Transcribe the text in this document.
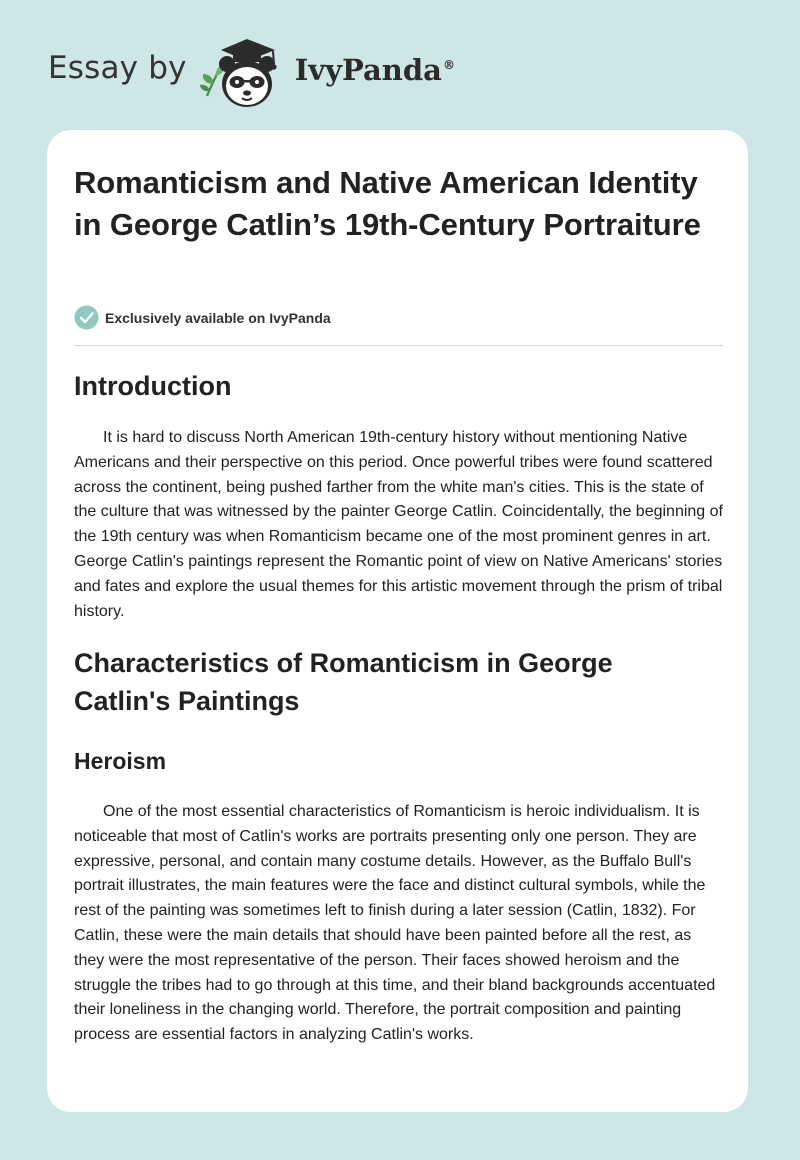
Essay by	IvyPanda®
Romanticism and Native American Identity in George Catlin’s 19th-Century Portraiture
Exclusively available on IvyPanda
Introduction

It is hard to discuss North American 19th-century history without mentioning Native Americans and their perspective on this period. Once powerful tribes were found scattered across the continent, being pushed farther from the white man's cities. This is the state of the culture that was witnessed by the painter George Catlin. Coincidentally, the beginning of the 19th century was when Romanticism became one of the most prominent genres in art. George Catlin's paintings represent the Romantic point of view on Native Americans' stories and fates and explore the usual themes for this artistic movement through the prism of tribal history.

Characteristics of Romanticism in George Catlin's Paintings
Heroism

One of the most essential characteristics of Romanticism is heroic individualism. It is noticeable that most of Catlin's works are portraits presenting only one person. They are expressive, personal, and contain many costume details. However, as the Buffalo Bull's portrait illustrates, the main features were the face and distinct cultural symbols, while the rest of the painting was sometimes left to finish during a later session (Catlin, 1832). For Catlin, these were the main details that should have been painted before all the rest, as they were the most representative of the person. Their faces showed heroism and the struggle the tribes had to go through at this time, and their bland backgrounds accentuated their loneliness in the changing world. Therefore, the portrait composition and painting process are essential factors in analyzing Catlin's works.
